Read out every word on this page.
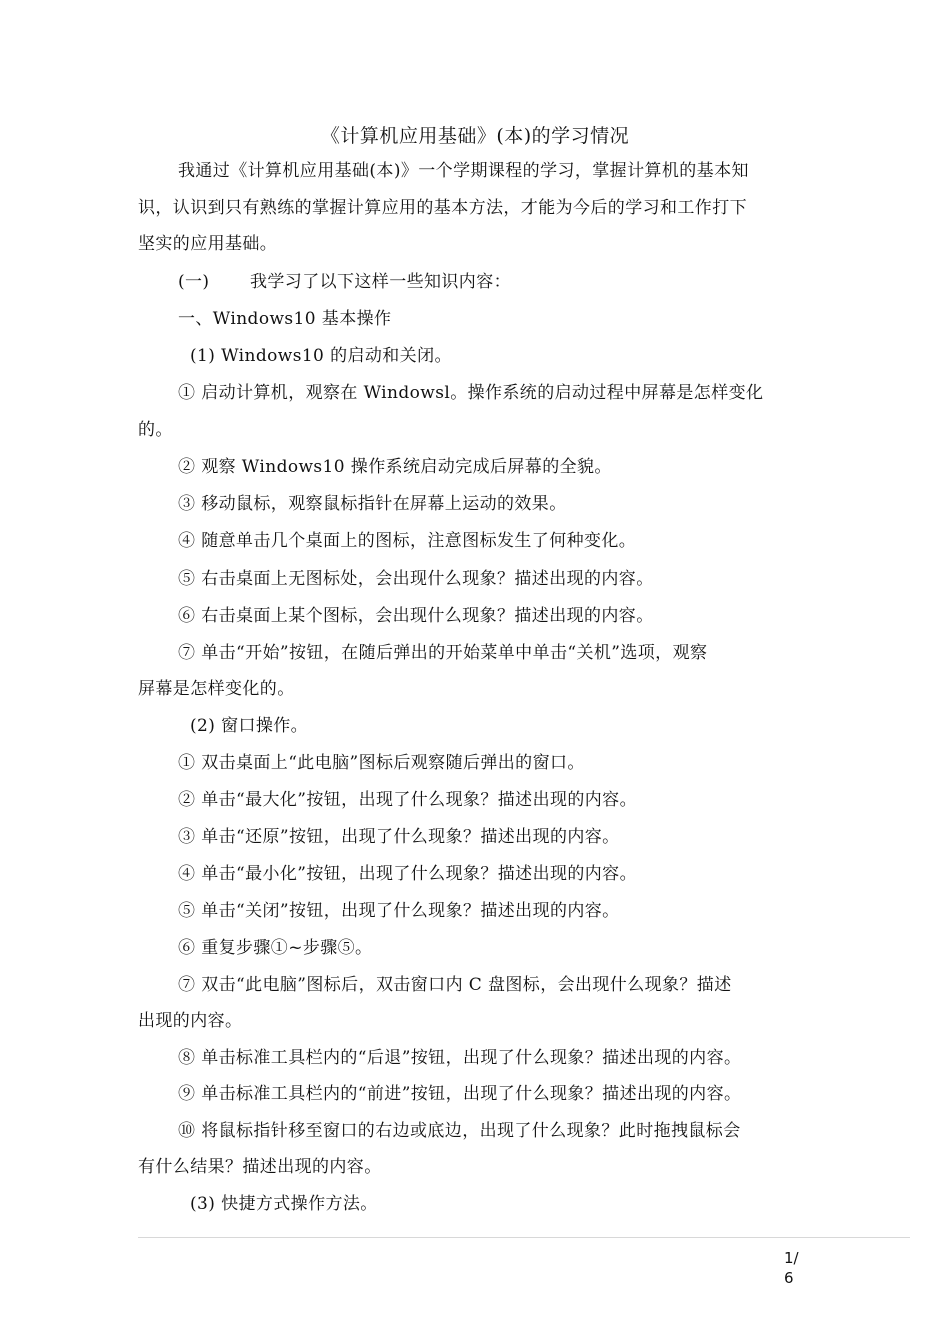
《计算机应用基础》(本)的学习情况
我通过《计算机应用基础(本)》一个学期课程的学习，掌握计算机的基本知
识，认识到只有熟练的掌握计算应用的基本方法，才能为今后的学习和工作打下
坚实的应用基础。
(一) 我学习了以下这样一些知识内容：
一、Windows10 基本操作
(1) Windows10 的启动和关闭。
① 启动计算机，观察在 Windowsl。操作系统的启动过程中屏幕是怎样变化
的。
② 观察 Windows10 操作系统启动完成后屏幕的全貌。
③ 移动鼠标，观察鼠标指针在屏幕上运动的效果。
④ 随意单击几个桌面上的图标，注意图标发生了何种变化。
⑤ 右击桌面上无图标处，会出现什么现象？描述出现的内容。
⑥ 右击桌面上某个图标，会出现什么现象？描述出现的内容。
⑦ 单击“开始”按钮，在随后弹出的开始菜单中单击“关机”选项，观察
屏幕是怎样变化的。
(2) 窗口操作。
① 双击桌面上“此电脑”图标后观察随后弹出的窗口。
② 单击“最大化”按钮，出现了什么现象？描述出现的内容。
③ 单击“还原”按钮，出现了什么现象？描述出现的内容。
④ 单击“最小化”按钮，出现了什么现象？描述出现的内容。
⑤ 单击“关闭”按钮，出现了什么现象？描述出现的内容。
⑥ 重复步骤①~步骤⑤。
⑦ 双击“此电脑”图标后，双击窗口内 C 盘图标，会出现什么现象？描述
出现的内容。
⑧ 单击标准工具栏内的“后退”按钮，出现了什么现象？描述出现的内容。
⑨ 单击标准工具栏内的“前进”按钮，出现了什么现象？描述出现的内容。
⑩ 将鼠标指针移至窗口的右边或底边，出现了什么现象？此时拖拽鼠标会
有什么结果？描述出现的内容。
(3) 快捷方式操作方法。
1/
6
